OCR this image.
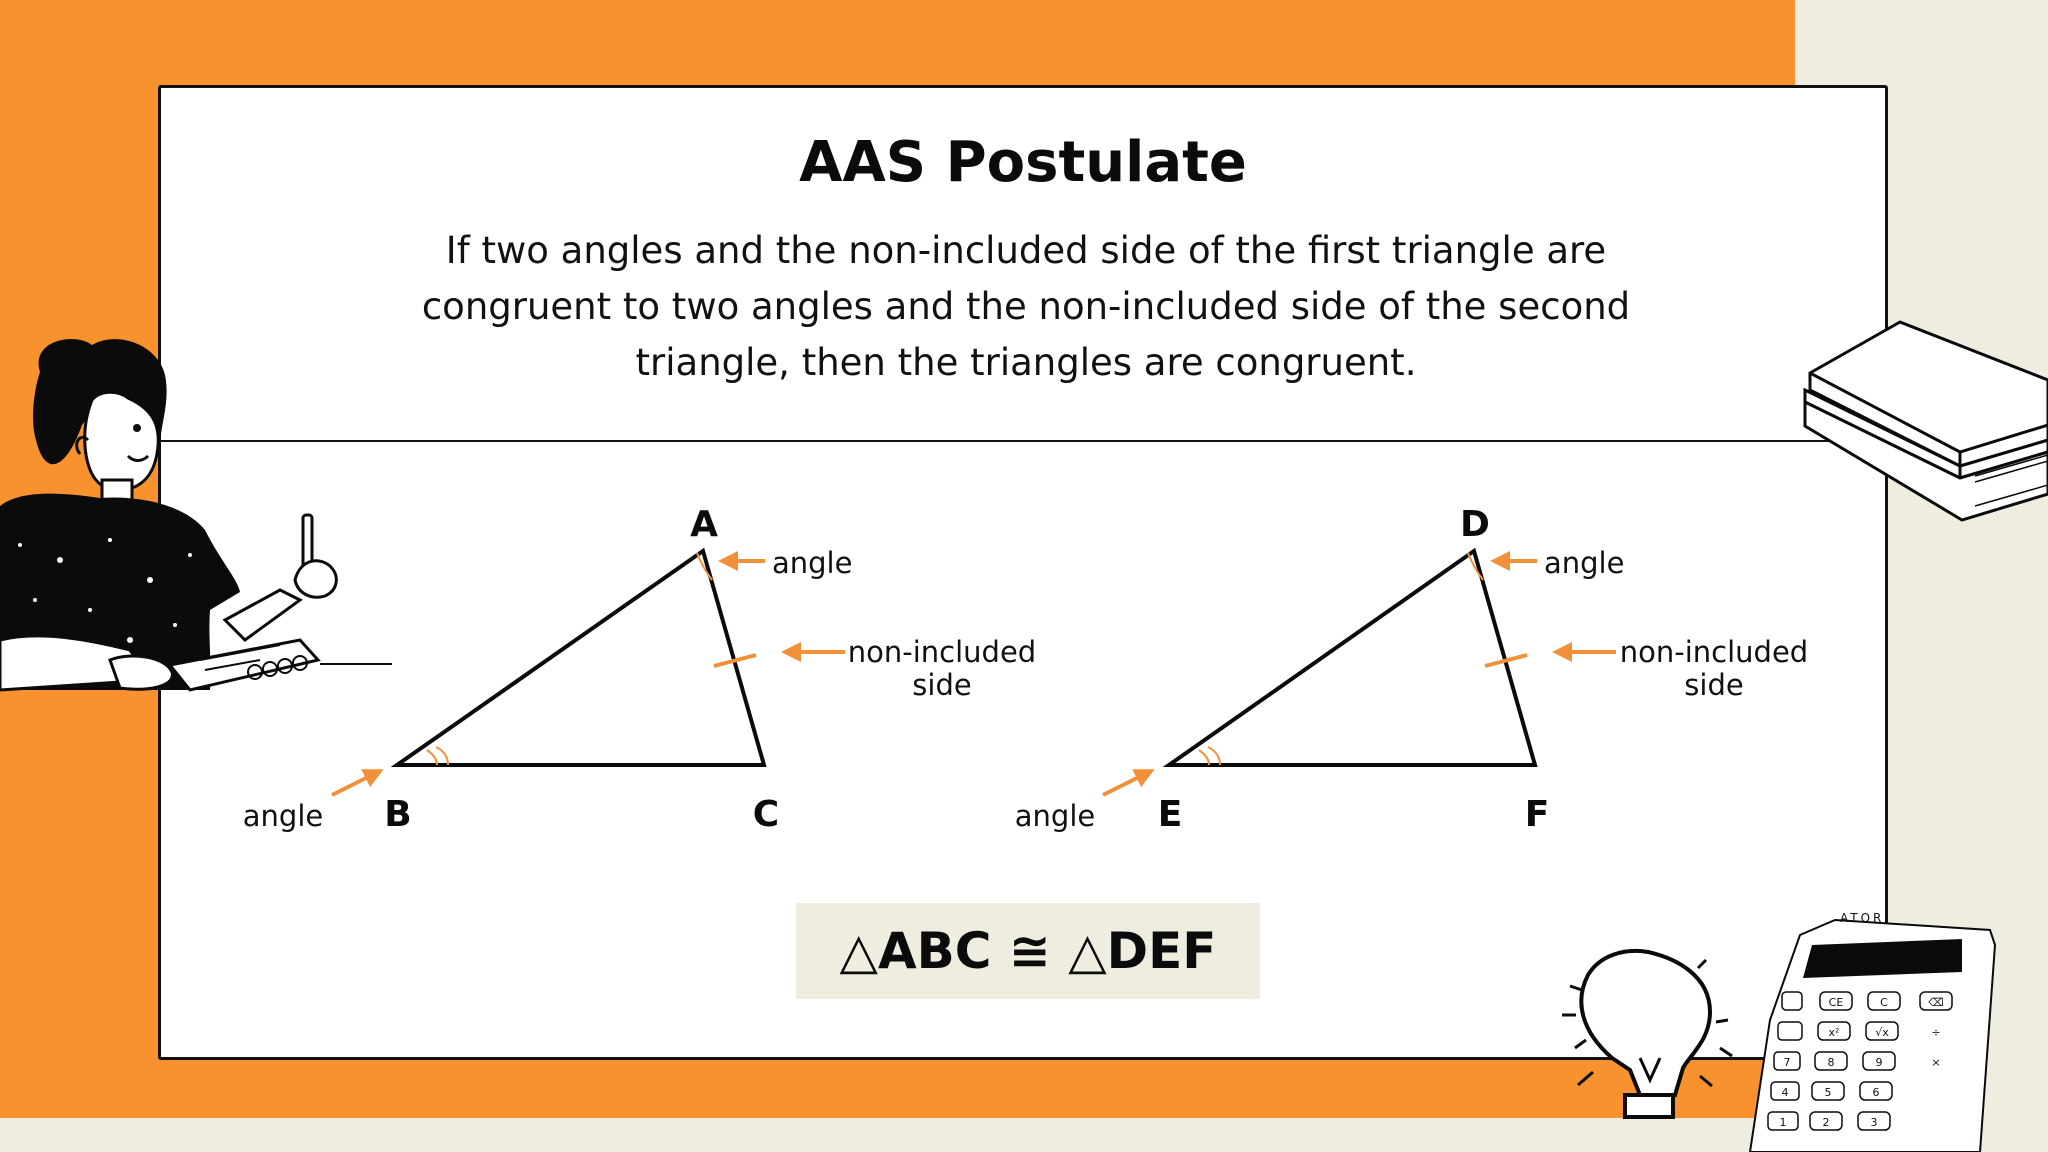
AAS Postulate

If two angles and the non-included side of the first triangle are congruent to two angles and the non-included side of the second triangle, then the triangles are congruent.

△ABC ≅ △DEF
A
B	C
angle
non-included
side
angle
D
E	F
angle
non-included
side
angle
ATOR
CE	C	⌫
x²	√x	÷
7	8	9	×
4	5	6
1	2	3
